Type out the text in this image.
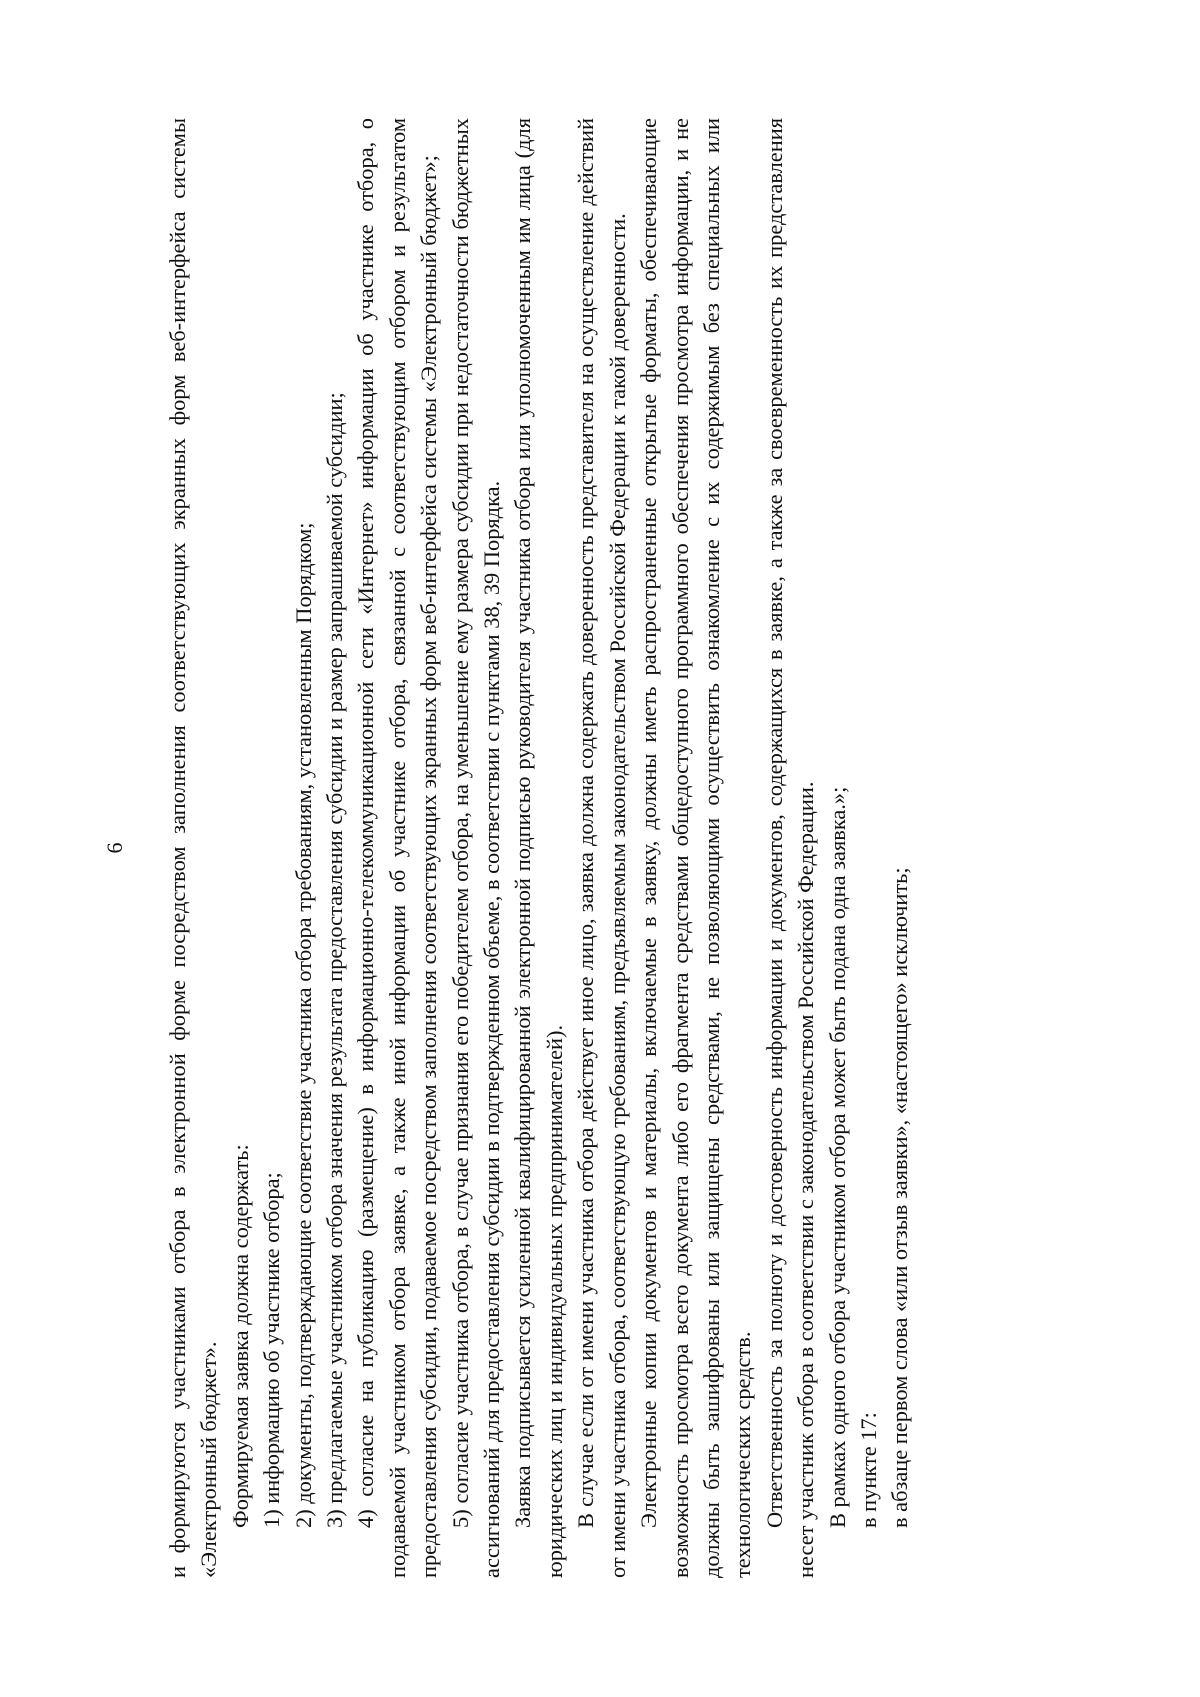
6 и формируются участниками отбора в электронной форме посредством заполнения соответствующих экранных форм веб-интерфейса системы «Электронный бюджет». Формируемая заявка должна содержать: 1) информацию об участнике отбора; 2) документы, подтверждающие соответствие участника отбора требованиям, установленным Порядком; 3) предлагаемые участником отбора значения результата предоставления субсидии и размер запрашиваемой субсидии; 4) согласие на публикацию (размещение) в информационно-телекоммуникационной сети «Интернет» информации об участнике отбора, о подаваемой участником отбора заявке, а также иной информации об участнике отбора, связанной с соответствующим отбором и результатом предоставления субсидии, подаваемое посредством заполнения соответствующих экранных форм веб-интерфейса системы «Электронный бюджет»; 5) согласие участника отбора, в случае признания его победителем отбора, на уменьшение ему размера субсидии при недостаточности бюджетных ассигнований для предоставления субсидии в подтвержденном объеме, в соответствии с пунктами 38, 39 Порядка. Заявка подписывается усиленной квалифицированной электронной подписью руководителя участника отбора или уполномоченным им лица (для юридических лиц и индивидуальных предпринимателей). В случае если от имени участника отбора действует иное лицо, заявка должна содержать доверенность представителя на осуществление действий от имени участника отбора, соответствующую требованиям, предъявляемым законодательством Российской Федерации к такой доверенности. Электронные копии документов и материалы, включаемые в заявку, должны иметь распространенные открытые форматы, обеспечивающие возможность просмотра всего документа либо его фрагмента средствами общедоступного программного обеспечения просмотра информации, и не должны быть зашифрованы или защищены средствами, не позволяющими осуществить ознакомление с их содержимым без специальных или технологических средств. Ответственность за полноту и достоверность информации и документов, содержащихся в заявке, а также за своевременность их представления несет участник отбора в соответствии с законодательством Российской Федерации. В рамках одного отбора участником отбора может быть подана одна заявка.»; в пункте 17: в абзаце первом слова «или отзыв заявки», «настоящего» исключить;
